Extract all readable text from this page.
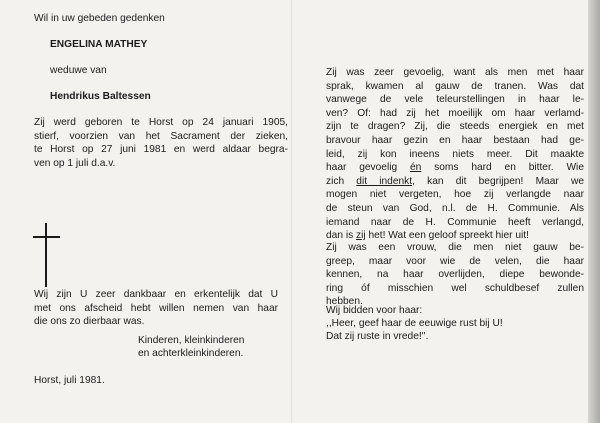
Wil in uw gebeden gedenken
ENGELINA MATHEY
weduwe van
Hendrikus Baltessen
Zij werd geboren te Horst op 24 januari 1905,
stierf, voorzien van het Sacrament der zieken,
te Horst op 27 juni 1981 en werd aldaar begra-
ven op 1 juli d.a.v.
Wij zijn U zeer dankbaar en erkentelijk dat U
met ons afscheid hebt willen nemen van haar
die ons zo dierbaar was.
Kinderen, kleinkinderen
en achterkleinkinderen.
Horst, juli 1981.
Zij was zeer gevoelig, want als men met haar
sprak, kwamen al gauw de tranen. Was dat
vanwege de vele teleurstellingen in haar le-
ven? Of: had zij het moeilijk om haar verlamd-
zijn te dragen? Zij, die steeds energiek en met
bravour haar gezin en haar bestaan had ge-
leid, zij kon ineens niets meer. Dit maakte
haar gevoelig én soms hard en bitter. Wie
zich dit indenkt, kan dit begrijpen! Maar we
mogen niet vergeten, hoe zij verlangde naar
de steun van God, n.l. de H. Communie. Als
iemand naar de H. Communie heeft verlangd,
dan is zij het! Wat een geloof spreekt hier uit!
Zij was een vrouw, die men niet gauw be-
greep, maar voor wie de velen, die haar
kennen, na haar overlijden, diepe bewonde-
ring óf misschien wel schuldbesef zullen
hebben.
Wij bidden voor haar:
,,Heer, geef haar de eeuwige rust bij U!
Dat zij ruste in vrede!''.
